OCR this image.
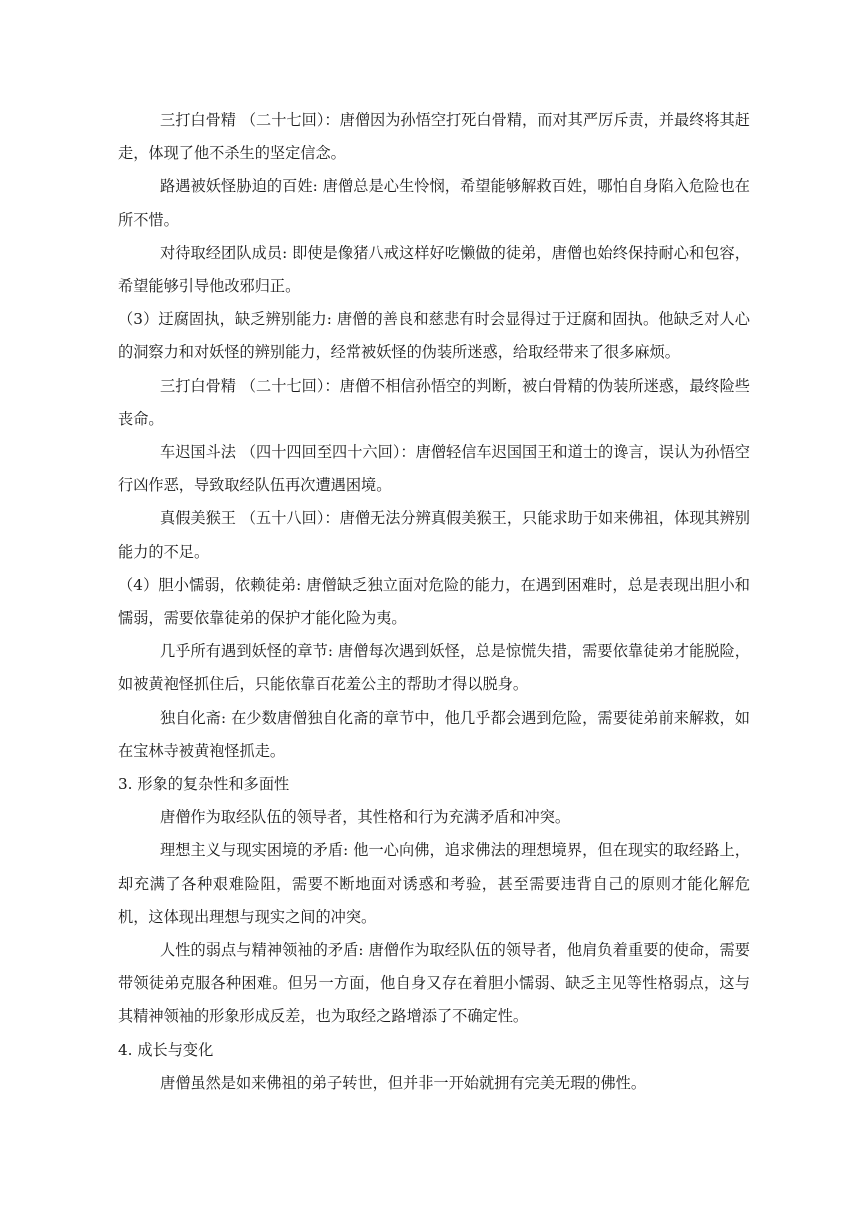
三打白骨精 （二十七回）：唐僧因为孙悟空打死白骨精，而对其严厉斥责，并最终将其赶走，体现了他不杀生的坚定信念。

路遇被妖怪胁迫的百姓: 唐僧总是心生怜悯，希望能够解救百姓，哪怕自身陷入危险也在所不惜。

对待取经团队成员: 即使是像猪八戒这样好吃懒做的徒弟，唐僧也始终保持耐心和包容，希望能够引导他改邪归正。

（3）迂腐固执，缺乏辨别能力: 唐僧的善良和慈悲有时会显得过于迂腐和固执。他缺乏对人心的洞察力和对妖怪的辨别能力，经常被妖怪的伪装所迷惑，给取经带来了很多麻烦。

三打白骨精 （二十七回）：唐僧不相信孙悟空的判断，被白骨精的伪装所迷惑，最终险些丧命。

车迟国斗法 （四十四回至四十六回）：唐僧轻信车迟国国王和道士的谗言，误认为孙悟空行凶作恶，导致取经队伍再次遭遇困境。

真假美猴王 （五十八回）：唐僧无法分辨真假美猴王，只能求助于如来佛祖，体现其辨别能力的不足。

（4）胆小懦弱，依赖徒弟: 唐僧缺乏独立面对危险的能力，在遇到困难时，总是表现出胆小和懦弱，需要依靠徒弟的保护才能化险为夷。

几乎所有遇到妖怪的章节: 唐僧每次遇到妖怪，总是惊慌失措，需要依靠徒弟才能脱险，如被黄袍怪抓住后，只能依靠百花羞公主的帮助才得以脱身。

独自化斋: 在少数唐僧独自化斋的章节中，他几乎都会遇到危险，需要徒弟前来解救，如在宝林寺被黄袍怪抓走。

3. 形象的复杂性和多面性

唐僧作为取经队伍的领导者，其性格和行为充满矛盾和冲突。

理想主义与现实困境的矛盾: 他一心向佛，追求佛法的理想境界，但在现实的取经路上，却充满了各种艰难险阻，需要不断地面对诱惑和考验，甚至需要违背自己的原则才能化解危机，这体现出理想与现实之间的冲突。

人性的弱点与精神领袖的矛盾: 唐僧作为取经队伍的领导者，他肩负着重要的使命，需要带领徒弟克服各种困难。但另一方面，他自身又存在着胆小懦弱、缺乏主见等性格弱点，这与其精神领袖的形象形成反差，也为取经之路增添了不确定性。

4. 成长与变化

唐僧虽然是如来佛祖的弟子转世，但并非一开始就拥有完美无瑕的佛性。
